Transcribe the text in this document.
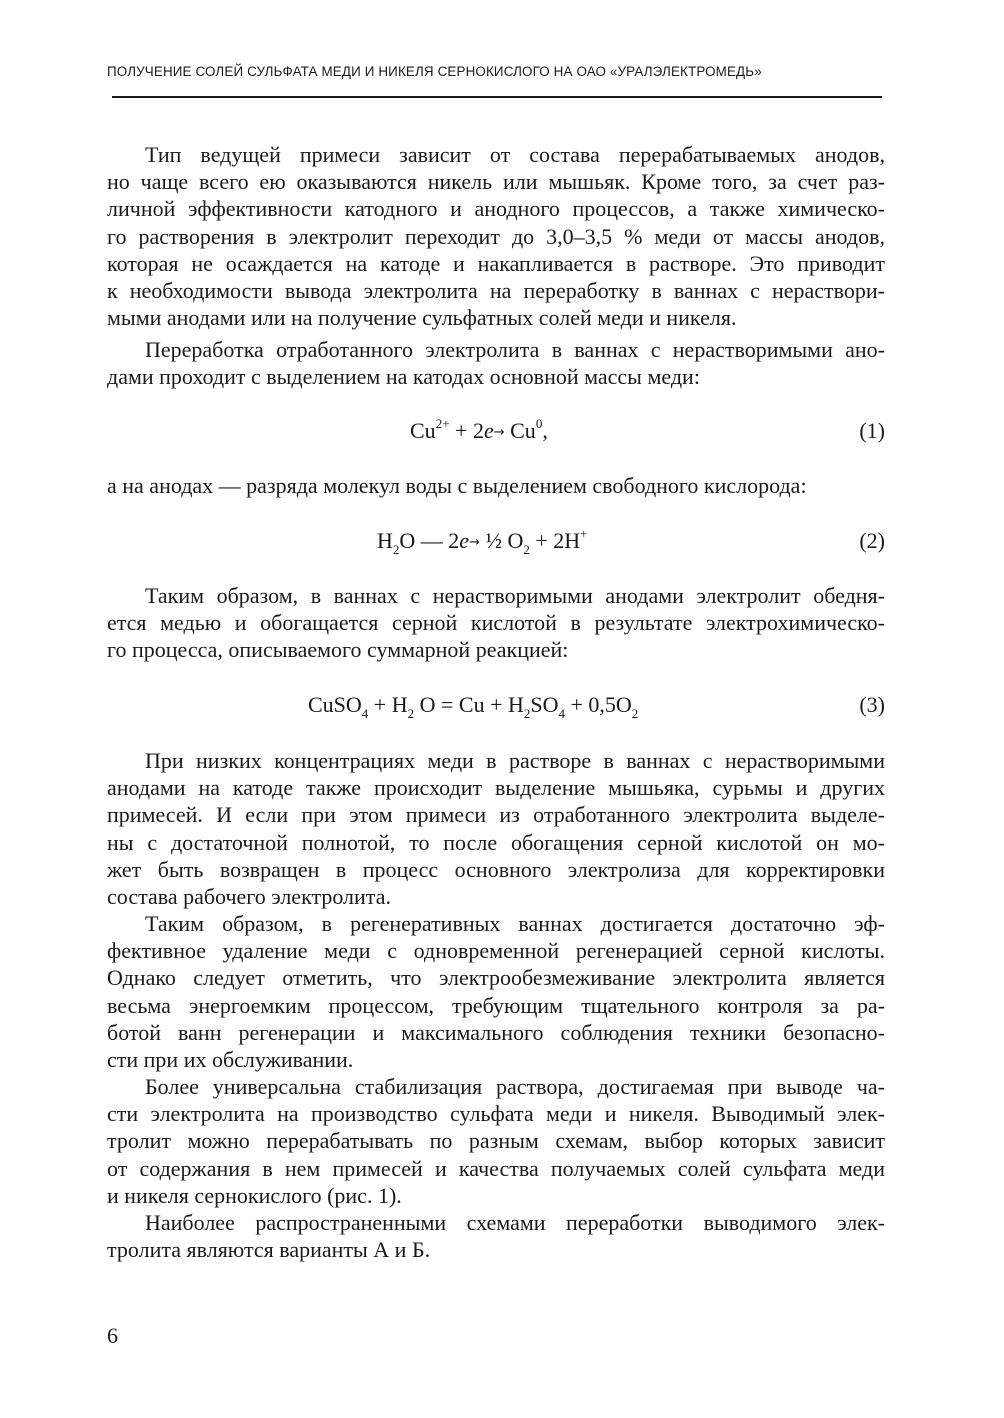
ПОЛУЧЕНИЕ СОЛЕЙ СУЛЬФАТА МЕДИ И НИКЕЛЯ СЕРНОКИСЛОГО НА ОАО «УРАЛЭЛЕКТРОМЕДЬ»

Тип ведущей примеси зависит от состава перерабатываемых анодов,

но чаще всего ею оказываются никель или мышьяк. Кроме того, за счет раз-

личной эффективности катодного и анодного процессов, а также химическо-

го растворения в электролит переходит до 3,0–3,5 % меди от массы анодов,

которая не осаждается на катоде и накапливается в растворе. Это приводит

к необходимости вывода электролита на переработку в ваннах с нераствори-

мыми анодами или на получение сульфатных солей меди и никеля.

Переработка отработанного электролита в ваннах с нерастворимыми ано-

дами проходит с выделением на катодах основной массы меди:

$Cu^{2+} + 2e\to Cu^0$,	(1)

а на анодах — разряда молекул воды с выделением свободного кислорода:

$H_2O$ — 2e→ ½ $O_2 + 2H^+$	(2)

Таким образом, в ваннах с нерастворимыми анодами электролит обедня-

ется медью и обогащается серной кислотой в результате электрохимическо-

го процесса, описываемого суммарной реакцией:

CuSO$_4$ + $H_2$ $O = Cu + H_2SO_4 + 0,5O_2$	(3)

При низких концентрациях меди в растворе в ваннах с нерастворимыми

анодами на катоде также происходит выделение мышьяка, сурьмы и других

примесей. И если при этом примеси из отработанного электролита выделе-

ны с достаточной полнотой, то после обогащения серной кислотой он мо-

жет быть возвращен в процесс основного электролиза для корректировки

состава рабочего электролита.

Таким образом, в регенеративных ваннах достигается достаточно эф-

фективное удаление меди с одновременной регенерацией серной кислоты.

Однако следует отметить, что электрообезмеживание электролита является

весьма энергоемким процессом, требующим тщательного контроля за ра-

ботой ванн регенерации и максимального соблюдения техники безопасно-

сти при их обслуживании.

Более универсальна стабилизация раствора, достигаемая при выводе ча-

сти электролита на производство сульфата меди и никеля. Выводимый элек-

тролит можно перерабатывать по разным схемам, выбор которых зависит

от содержания в нем примесей и качества получаемых солей сульфата меди

и никеля сернокислого (рис. 1).

Наиболее распространенными схемами переработки выводимого элек-

тролита являются варианты А и Б.

6
